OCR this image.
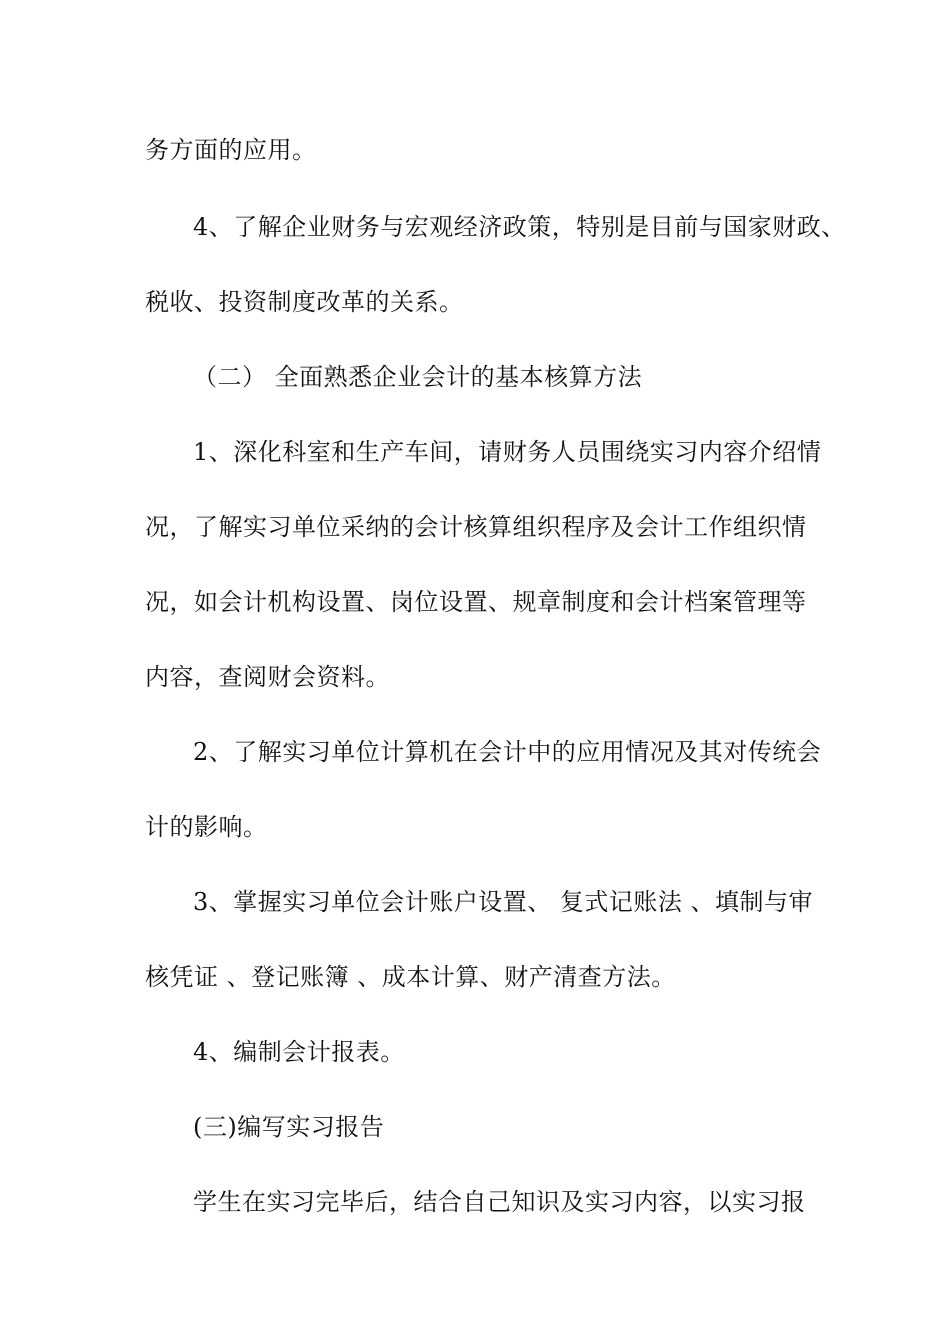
务方面的应用。
4、了解企业财务与宏观经济政策，特别是目前与国家财政、
税收、投资制度改革的关系。
（二） 全面熟悉企业会计的基本核算方法
1、深化科室和生产车间，请财务人员围绕实习内容介绍情
况，了解实习单位采纳的会计核算组织程序及会计工作组织情
况，如会计机构设置、岗位设置、规章制度和会计档案管理等
内容，查阅财会资料。
2、了解实习单位计算机在会计中的应用情况及其对传统会
计的影响。
3、掌握实习单位会计账户设置、 复式记账法 、填制与审
核凭证 、登记账簿 、成本计算、财产清查方法。
4、编制会计报表。
(三)编写实习报告
学生在实习完毕后，结合自己知识及实习内容，以实习报
